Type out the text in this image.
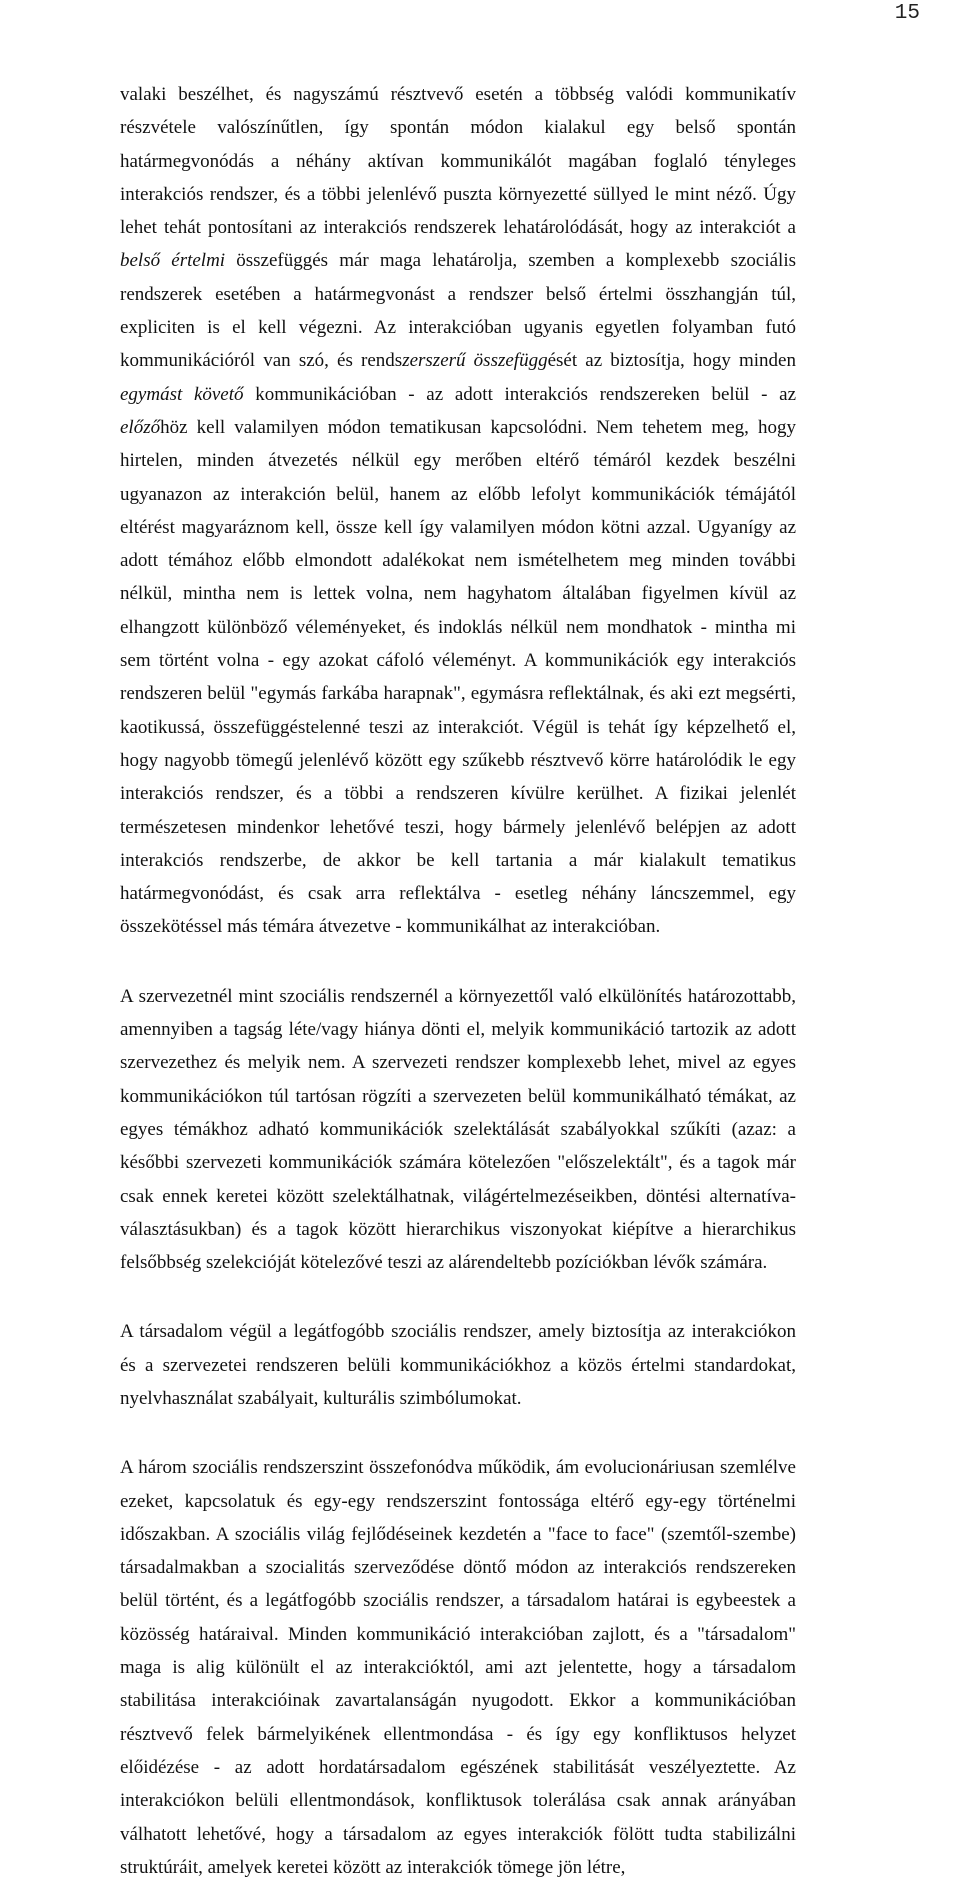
15

valaki beszélhet, és nagyszámú résztvevő esetén a többség valódi kommunikatív részvétele valószínűtlen, így spontán módon kialakul egy belső spontán határmegvonódás a néhány aktívan kommunikálót magában foglaló tényleges interakciós rendszer, és a többi jelenlévő puszta környezetté süllyed le mint néző. Úgy lehet tehát pontosítani az interakciós rendszerek lehatárolódását, hogy az interakciót a belső értelmi összefüggés már maga lehatárolja, szemben a komplexebb szociális rendszerek esetében a határmegvonást a rendszer belső értelmi összhangján túl, expliciten is el kell végezni. Az interakcióban ugyanis egyetlen folyamban futó kommunikációról van szó, és rendszerszerű összefüggését az biztosítja, hogy minden egymást követő kommunikációban - az adott interakciós rendszereken belül - az előzőhöz kell valamilyen módon tematikusan kapcsolódni. Nem tehetem meg, hogy hirtelen, minden átvezetés nélkül egy merőben eltérő témáról kezdek beszélni ugyanazon az interakción belül, hanem az előbb lefolyt kommunikációk témájától eltérést magyaráznom kell, össze kell így valamilyen módon kötni azzal. Ugyanígy az adott témához előbb elmondott adalékokat nem ismételhetem meg minden további nélkül, mintha nem is lettek volna, nem hagyhatom általában figyelmen kívül az elhangzott különböző véleményeket, és indoklás nélkül nem mondhatok - mintha mi sem történt volna - egy azokat cáfoló véleményt. A kommunikációk egy interakciós rendszeren belül "egymás farkába harapnak", egymásra reflektálnak, és aki ezt megsérti, kaotikussá, összefüggéstelenné teszi az interakciót. Végül is tehát így képzelhető el, hogy nagyobb tömegű jelenlévő között egy szűkebb résztvevő körre határolódik le egy interakciós rendszer, és a többi a rendszeren kívülre kerülhet. A fizikai jelenlét természetesen mindenkor lehetővé teszi, hogy bármely jelenlévő belépjen az adott interakciós rendszerbe, de akkor be kell tartania a már kialakult tematikus határmegvonódást, és csak arra reflektálva - esetleg néhány láncszemmel, egy összekötéssel más témára átvezetve - kommunikálhat az interakcióban.

A szervezetnél mint szociális rendszernél a környezettől való elkülönítés határozottabb, amennyiben a tagság léte/vagy hiánya dönti el, melyik kommunikáció tartozik az adott szervezethez és melyik nem. A szervezeti rendszer komplexebb lehet, mivel az egyes kommunikációkon túl tartósan rögzíti a szervezeten belül kommunikálható témákat, az egyes témákhoz adható kommunikációk szelektálását szabályokkal szűkíti (azaz: a későbbi szervezeti kommunikációk számára kötelezően "előszelektált", és a tagok már csak ennek keretei között szelektálhatnak, világértelmezéseikben, döntési alternatíva-választásukban) és a tagok között hierarchikus viszonyokat kiépítve a hierarchikus felsőbbség szelekcióját kötelezővé teszi az alárendeltebb pozíciókban lévők számára.

A társadalom végül a legátfogóbb szociális rendszer, amely biztosítja az interakciókon és a szervezetei rendszeren belüli kommunikációkhoz a közös értelmi standardokat, nyelvhasználat szabályait, kulturális szimbólumokat.

A három szociális rendszerszint összefonódva működik, ám evolucionáriusan szemlélve ezeket, kapcsolatuk és egy-egy rendszerszint fontossága eltérő egy-egy történelmi időszakban. A szociális világ fejlődéseinek kezdetén a "face to face" (szemtől-szembe) társadalmakban a szocialitás szerveződése döntő módon az interakciós rendszereken belül történt, és a legátfogóbb szociális rendszer, a társadalom határai is egybeestek a közösség határaival. Minden kommunikáció interakcióban zajlott, és a "társadalom" maga is alig különült el az interakcióktól, ami azt jelentette, hogy a társadalom stabilitása interakcióinak zavartalanságán nyugodott. Ekkor a kommunikációban résztvevő felek bármelyikének ellentmondása - és így egy konfliktusos helyzet előidézése - az adott hordatársadalom egészének stabilitását veszélyeztette. Az interakciókon belüli ellentmondások, konfliktusok tolerálása csak annak arányában válhatott lehetővé, hogy a társadalom az egyes interakciók fölött tudta stabilizálni struktúráit, amelyek keretei között az interakciók tömege jön létre,
